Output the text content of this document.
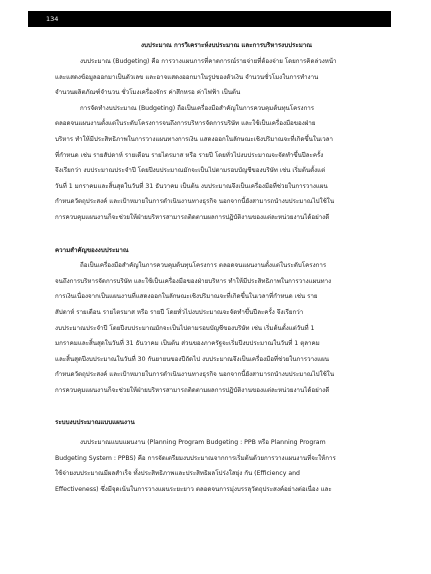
134

งบประมาณ การวิเคราะห์งบประมาณ และการบริหารงบประมาณ

งบประมาณ (Budgeting) คือ การวางแผนการที่คาดการณ์รายจ่ายที่ต้องจ่าย โดยการคิดล่วงหน้า
และแสดงข้อมูลออกมาเป็นตัวเลข และอาจแสดงออกมาในรูปของตัวเงิน จำนวนชั่วโมงในการทำงาน
จำนวนผลิตภัณฑ์จำนวน ชั่วโมงเครื่องจักร ค่าสึกหรอ ค่าไฟฟ้า เป็นต้น

การจัดทำงบประมาณ (Budgeting) ถือเป็นเครื่องมือสำคัญในการควบคุมต้นทุนโครงการ
ตลอดจนแผนงานตั้งแต่ในระดับโครงการจนถึงการบริหารจัดการบริษัท และใช้เป็นเครื่องมือของฝ่าย
บริหาร ทำให้มีประสิทธิภาพในการวางแผนทางการเงิน แสดงออกในลักษณะเชิงปริมาณจะที่เกิดขึ้นในเวลา
ที่กำหนด เช่น รายสัปดาห์ รายเดือน รายไตรมาส หรือ รายปี โดยทั่วไปงบประมาณจะจัดทำขึ้นปีละครั้ง
จึงเรียกว่า งบประมาณประจำปี โดยปีงบประมาณมักจะเป็นไปตามรอบบัญชีของบริษัท เช่น เริ่มต้นตั้งแต่
วันที่ 1 มกราคมและสิ้นสุดในวันที่ 31 ธันวาคม เป็นต้น งบประมาณจึงเป็นเครื่องมือที่ช่วยในการวางแผน
กำหนดวัตถุประสงค์ และเป้าหมายในการดำเนินงานทางธุรกิจ นอกจากนี้ยังสามารถนำงบประมาณไปใช้ใน
การควบคุมแผนงานก็จะช่วยให้ฝ่ายบริหารสามารถติดตามผลการปฏิบัติงานของแต่ละหน่วยงานได้อย่างดี

ความสำคัญของงบประมาณ

ถือเป็นเครื่องมือสำคัญในการควบคุมต้นทุนโครงการ ตลอดจนแผนงานตั้งแต่ในระดับโครงการ
จนถึงการบริหารจัดการบริษัท และใช้เป็นเครื่องมือของฝ่ายบริหาร ทำให้มีประสิทธิภาพในการวางแผนทาง
การเงินเนื่องจากเป็นแผนงานที่แสดงออกในลักษณะเชิงปริมาณจะที่เกิดขึ้นในเวลาที่กำหนด เช่น ราย
สัปดาห์ รายเดือน รายไตรมาส หรือ รายปี โดยทั่วไปงบประมาณจะจัดทำขึ้นปีละครั้ง จึงเรียกว่า
งบประมาณประจำปี โดยปีงบประมาณมักจะเป็นไปตามรอบบัญชีของบริษัท เช่น เริ่มต้นตั้งแต่วันที่ 1
มกราคมและสิ้นสุดในวันที่ 31 ธันวาคม เป็นต้น ส่วนของภาครัฐจะเริ่มปีงบประมาณในวันที่ 1 ตุลาคม
และสิ้นสุดปีงบประมาณในวันที่ 30 กันยายนของปีถัดไป งบประมาณจึงเป็นเครื่องมือที่ช่วยในการวางแผน
กำหนดวัตถุประสงค์ และเป้าหมายในการดำเนินงานทางธุรกิจ นอกจากนี้ยังสามารถนำงบประมาณไปใช้ใน
การควบคุมแผนงานก็จะช่วยให้ฝ่ายบริหารสามารถติดตามผลการปฏิบัติงานของแต่ละหน่วยงานได้อย่างดี

ระบบงบประมาณแบบแผนงาน

งบประมาณแบบแผนงาน (Planning Program Budgeting : PPB หรือ Planning Program
Budgeting System : PPBS) คือ การจัดเตรียมงบประมาณจากการเริ่มต้นด้วยการวางแผนงานที่จะให้การ
ใช้จ่ายงบประมาณมีผลสำเร็จ ทั้งประสิทธิภาพและประสิทธิผลโปร่งใสยุ่ง กัน (Efficiency and
Effectiveness) ซึ่งมีจุดเน้นในการวางแผนระยะยาว ตลอดจนการมุ่งบรรลุวัตถุประสงค์อย่างต่อเนื่อง และ
